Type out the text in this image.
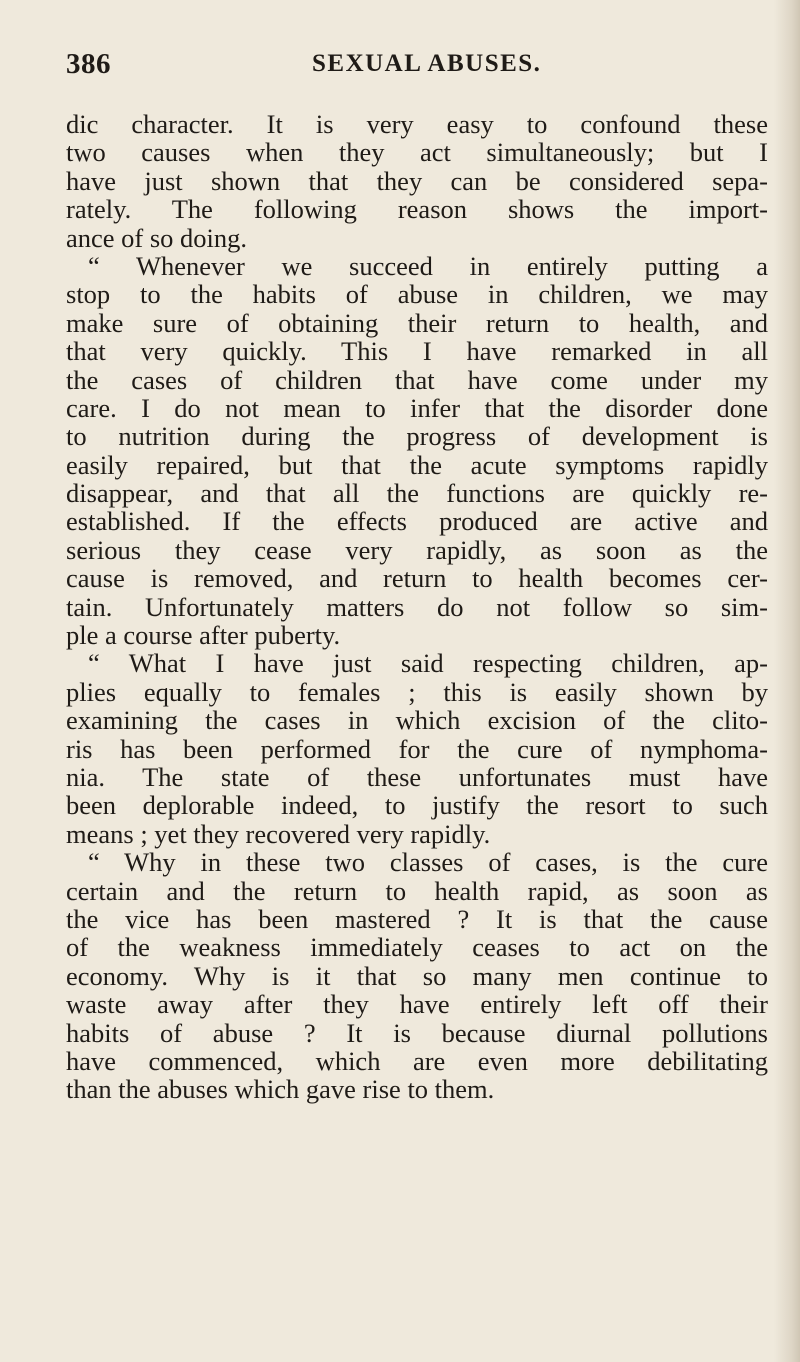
386	SEXUAL ABUSES.
dic character. It is very easy to confound these
two causes when they act simultaneously; but I
have just shown that they can be considered sepa-
rately. The following reason shows the import-
ance of so doing.
“ Whenever we succeed in entirely putting a
stop to the habits of abuse in children, we may
make sure of obtaining their return to health, and
that very quickly. This I have remarked in all
the cases of children that have come under my
care. I do not mean to infer that the disorder done
to nutrition during the progress of development is
easily repaired, but that the acute symptoms rapidly
disappear, and that all the functions are quickly re-
established. If the effects produced are active and
serious they cease very rapidly, as soon as the
cause is removed, and return to health becomes cer-
tain. Unfortunately matters do not follow so sim-
ple a course after puberty.
“ What I have just said respecting children, ap-
plies equally to females ; this is easily shown by
examining the cases in which excision of the clito-
ris has been performed for the cure of nymphoma-
nia. The state of these unfortunates must have
been deplorable indeed, to justify the resort to such
means ; yet they recovered very rapidly.
“ Why in these two classes of cases, is the cure
certain and the return to health rapid, as soon as
the vice has been mastered ? It is that the cause
of the weakness immediately ceases to act on the
economy. Why is it that so many men continue to
waste away after they have entirely left off their
habits of abuse ? It is because diurnal pollutions
have commenced, which are even more debilitating
than the abuses which gave rise to them.
